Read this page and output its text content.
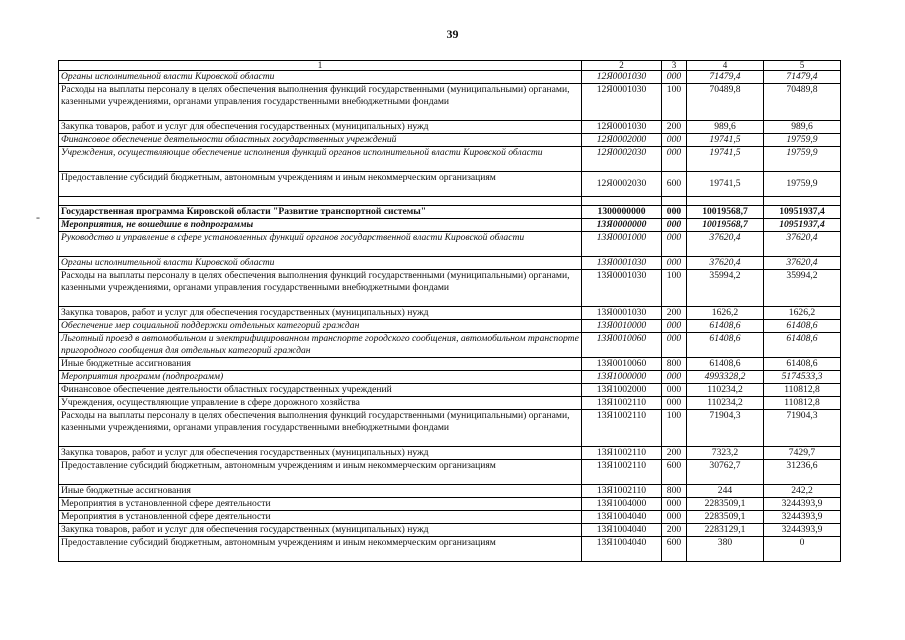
39
-
1	2	3	4	5
Органы исполнительной власти Кировской области	12Я0001030	000	71479,4	71479,4
Расходы на выплаты персоналу в целях обеспечения выполнения функций государственными (муниципальными) органами, казенными учреждениями, органами управления государственными внебюджетными фондами	12Я0001030	100	70489,8	70489,8
Закупка товаров, работ и услуг для обеспечения государственных (муниципальных) нужд	12Я0001030	200	989,6	989,6
Финансовое обеспечение деятельности областных государственных учреждений	12Я0002000	000	19741,5	19759,9
Учреждения, осуществляющие обеспечение исполнения функций органов исполнительной власти Кировской области	12Я0002030	000	19741,5	19759,9
Предоставление субсидий бюджетным, автономным учреждениям и иным некоммерческим организациям	12Я0002030	600	19741,5	19759,9

Государственная программа Кировской области "Развитие транспортной системы"	1300000000	000	10019568,7	10951937,4
Мероприятия, не вошедшие в подпрограммы	13Я0000000	000	10019568,7	10951937,4
Руководство и управление в сфере установленных функций органов государственной власти Кировской области	13Я0001000	000	37620,4	37620,4
Органы исполнительной власти Кировской области	13Я0001030	000	37620,4	37620,4
Расходы на выплаты персоналу в целях обеспечения выполнения функций государственными (муниципальными) органами, казенными учреждениями, органами управления государственными внебюджетными фондами	13Я0001030	100	35994,2	35994,2
Закупка товаров, работ и услуг для обеспечения государственных (муниципальных) нужд	13Я0001030	200	1626,2	1626,2
Обеспечение мер социальной поддержки отдельных категорий граждан	13Я0010000	000	61408,6	61408,6
Льготный проезд в автомобильном и электрифицированном транспорте городского сообщения, автомобильном транспорте пригородного сообщения для отдельных категорий граждан	13Я0010060	000	61408,6	61408,6
Иные бюджетные ассигнования	13Я0010060	800	61408,6	61408,6
Мероприятия программ (подпрограмм)	13Я1000000	000	4993328,2	5174533,3
Финансовое обеспечение деятельности областных государственных учреждений	13Я1002000	000	110234,2	110812,8
Учреждения, осуществляющие управление в сфере дорожного хозяйства	13Я1002110	000	110234,2	110812,8
Расходы на выплаты персоналу в целях обеспечения выполнения функций государственными (муниципальными) органами, казенными учреждениями, органами управления государственными внебюджетными фондами	13Я1002110	100	71904,3	71904,3
Закупка товаров, работ и услуг для обеспечения государственных (муниципальных) нужд	13Я1002110	200	7323,2	7429,7
Предоставление субсидий бюджетным, автономным учреждениям и иным некоммерческим организациям	13Я1002110	600	30762,7	31236,6
Иные бюджетные ассигнования	13Я1002110	800	244	242,2
Мероприятия в установленной сфере деятельности	13Я1004000	000	2283509,1	3244393,9
Мероприятия в установленной сфере деятельности	13Я1004040	000	2283509,1	3244393,9
Закупка товаров, работ и услуг для обеспечения государственных (муниципальных) нужд	13Я1004040	200	2283129,1	3244393,9
Предоставление субсидий бюджетным, автономным учреждениям и иным некоммерческим организациям	13Я1004040	600	380	0
